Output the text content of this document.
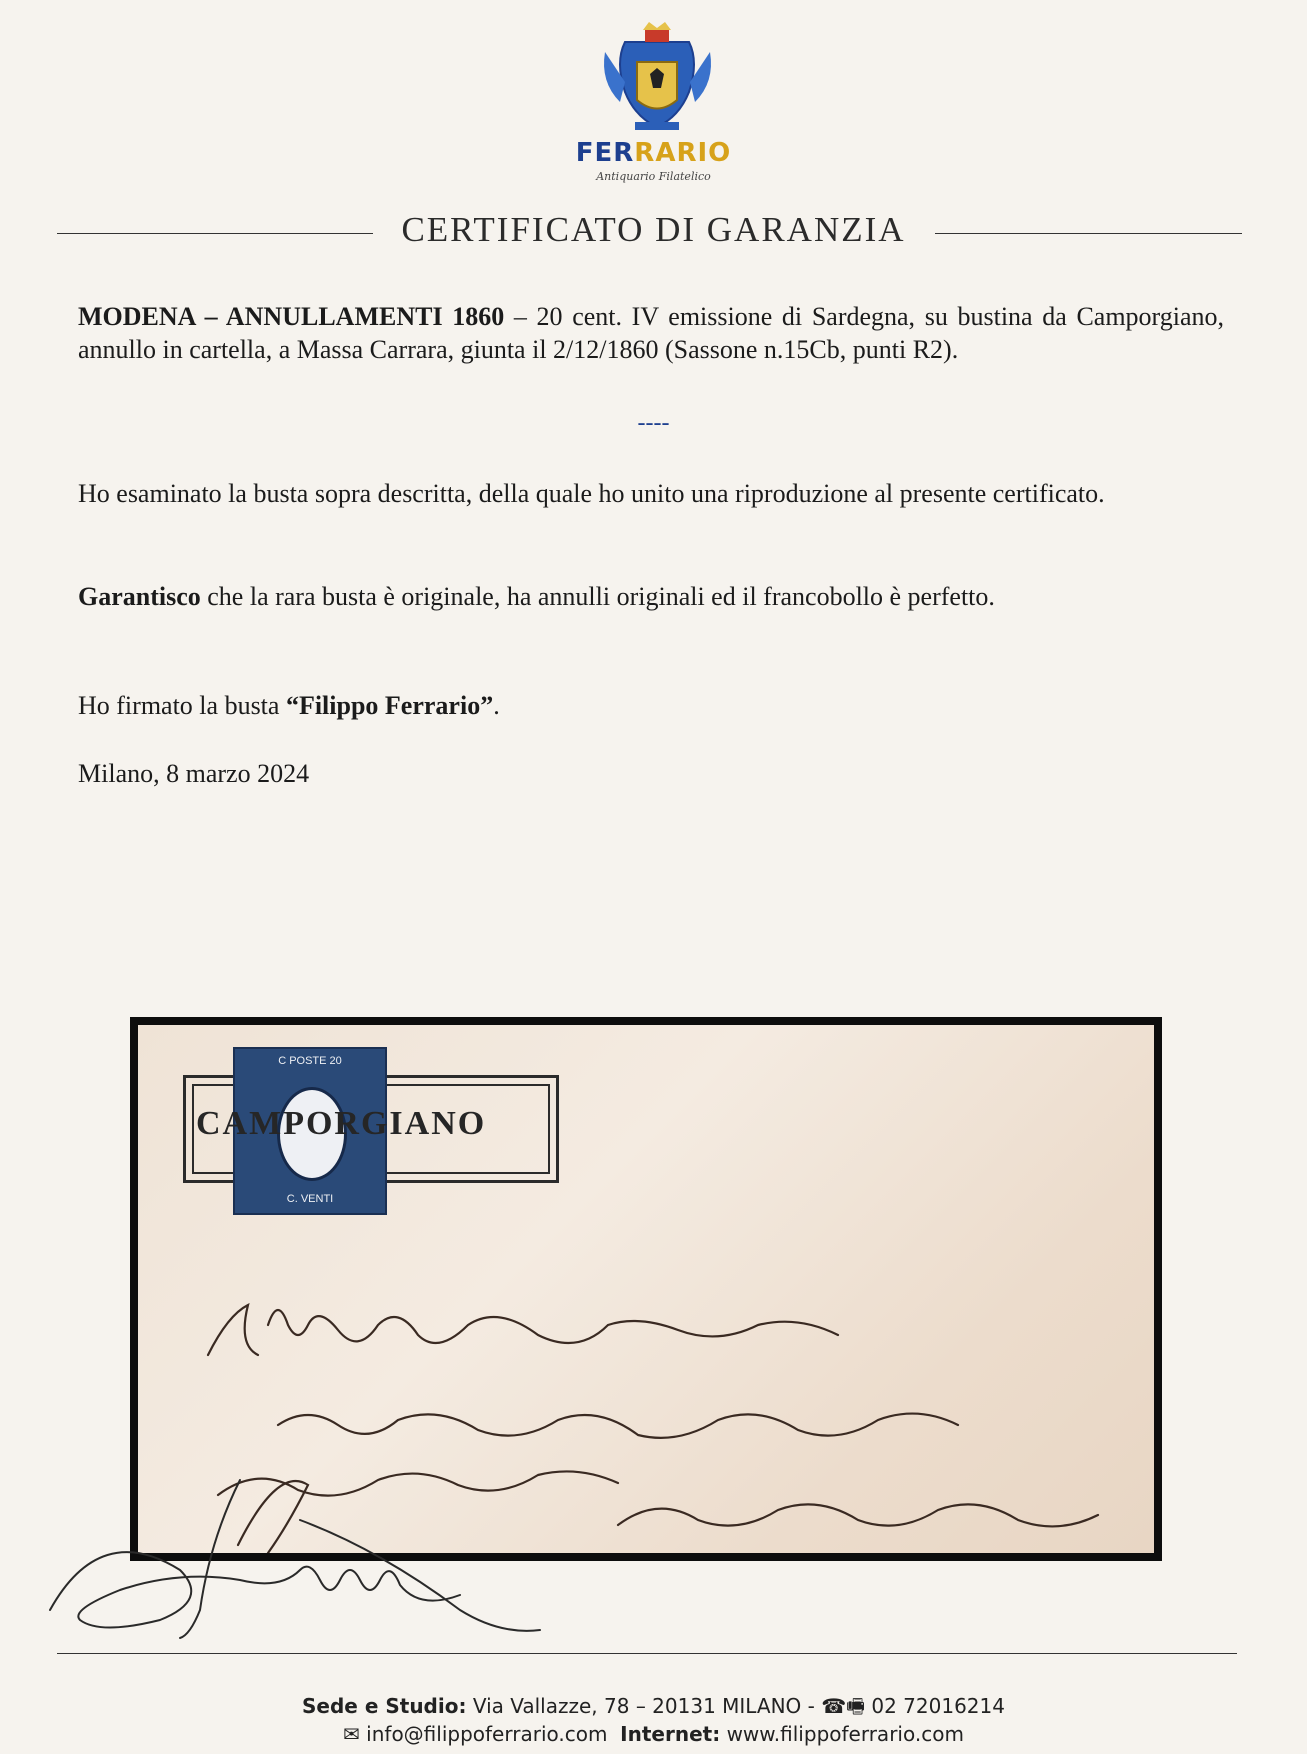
FERRARIO
Antiquario Filatelico
CERTIFICATO DI GARANZIA
MODENA – ANNULLAMENTI 1860 – 20 cent. IV emissione di Sardegna, su bustina da Camporgiano, annullo in cartella, a Massa Carrara, giunta il 2/12/1860 (Sassone n.15Cb, punti R2).
----
Ho esaminato la busta sopra descritta, della quale ho unito una riproduzione al presente certificato.
Garantisco che la rara busta è originale, ha annulli originali ed il francobollo è perfetto.
Ho firmato la busta “Filippo Ferrario”.
Milano, 8 marzo 2024
C POSTE 20
C. VENTI
CAMPORGIANO
Sede e Studio: Via Vallazze, 78 – 20131 MILANO - ☎🖷 02 72016214
✉ info@filippoferrario.com Internet: www.filippoferrario.com
